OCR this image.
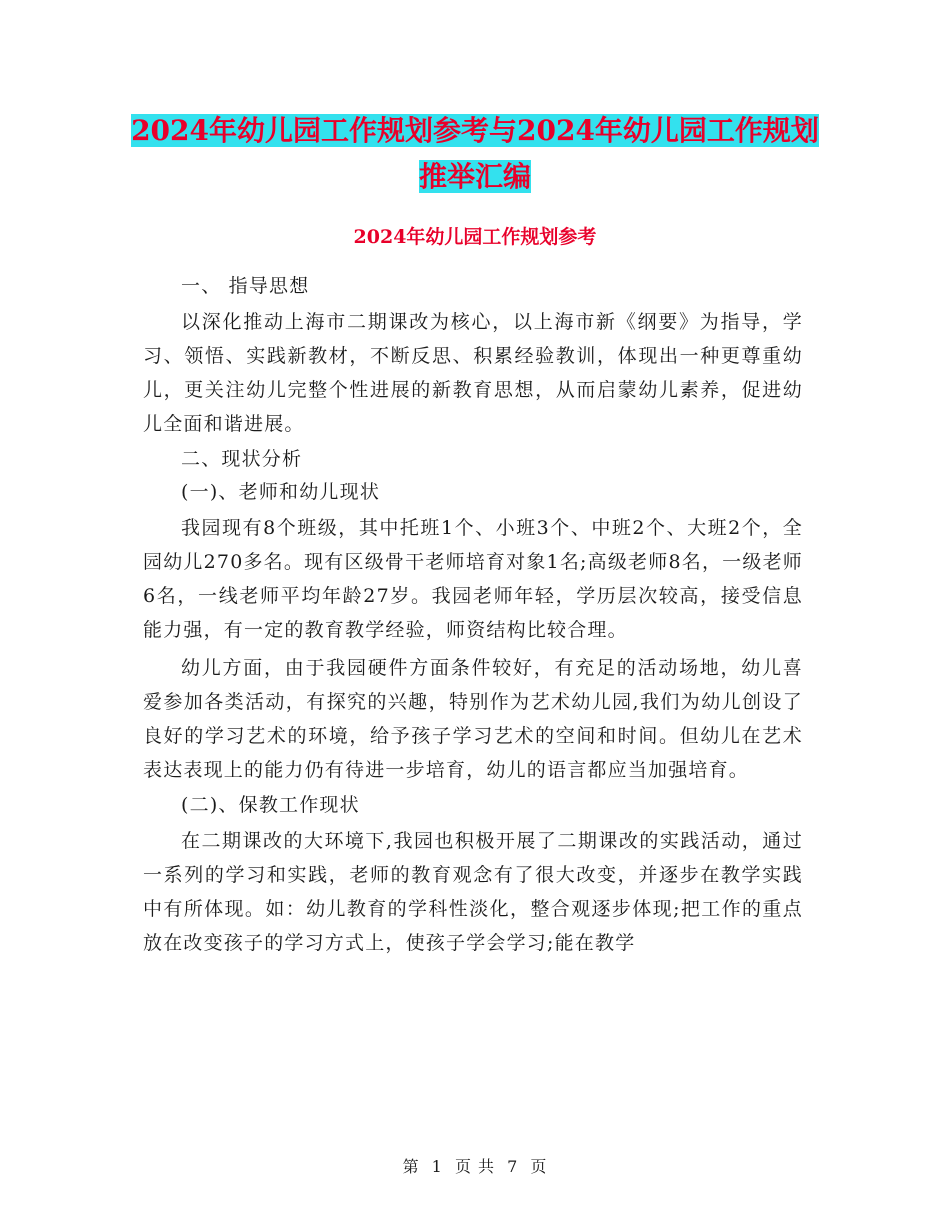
2024年幼儿园工作规划参考与2024年幼儿园工作规划
推举汇编
2024年幼儿园工作规划参考

一、 指导思想

以深化推动上海市二期课改为核心，以上海市新《纲要》为指导，学习、领悟、实践新教材，不断反思、积累经验教训，体现出一种更尊重幼儿，更关注幼儿完整个性进展的新教育思想，从而启蒙幼儿素养，促进幼儿全面和谐进展。

二、现状分析

(一)、老师和幼儿现状

我园现有8个班级，其中托班1个、小班3个、中班2个、大班2个，全园幼儿270多名。现有区级骨干老师培育对象1名;高级老师8名，一级老师6名，一线老师平均年龄27岁。我园老师年轻，学历层次较高，接受信息能力强，有一定的教育教学经验，师资结构比较合理。

幼儿方面，由于我园硬件方面条件较好，有充足的活动场地，幼儿喜爱参加各类活动，有探究的兴趣，特别作为艺术幼儿园,我们为幼儿创设了良好的学习艺术的环境，给予孩子学习艺术的空间和时间。但幼儿在艺术表达表现上的能力仍有待进一步培育，幼儿的语言都应当加强培育。

(二)、保教工作现状

在二期课改的大环境下,我园也积极开展了二期课改的实践活动，通过一系列的学习和实践，老师的教育观念有了很大改变，并逐步在教学实践中有所体现。如：幼儿教育的学科性淡化，整合观逐步体现;把工作的重点放在改变孩子的学习方式上，使孩子学会学习;能在教学

第 1 页 共 7 页
